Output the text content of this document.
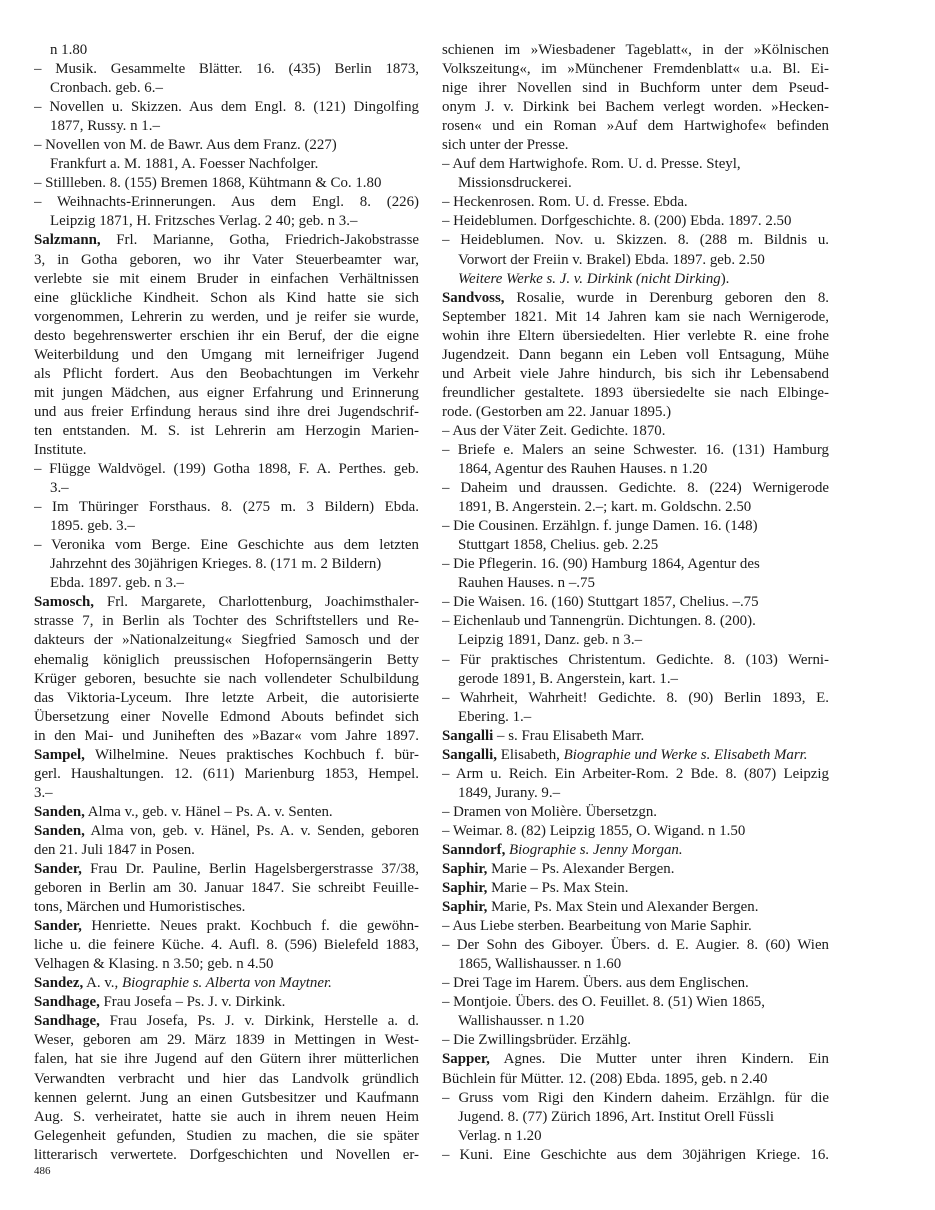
n 1.80
– Musik. Gesammelte Blätter. 16. (435) Berlin 1873,
Cronbach. geb. 6.–
– Novellen u. Skizzen. Aus dem Engl. 8. (121) Dingolfing
1877, Russy. n 1.–
– Novellen von M. de Bawr. Aus dem Franz. (227)
Frankfurt a. M. 1881, A. Foesser Nachfolger.
– Stillleben. 8. (155) Bremen 1868, Kühtmann & Co. 1.80
– Weihnachts-Erinnerungen. Aus dem Engl. 8. (226)
Leipzig 1871, H. Fritzsches Verlag. 2 40; geb. n 3.–
Salzmann, Frl. Marianne, Gotha, Friedrich-Jakobstrasse
3, in Gotha geboren, wo ihr Vater Steuerbeamter war,
verlebte sie mit einem Bruder in einfachen Verhältnissen
eine glückliche Kindheit. Schon als Kind hatte sie sich
vorgenommen, Lehrerin zu werden, und je reifer sie wurde,
desto begehrenswerter erschien ihr ein Beruf, der die eigne
Weiterbildung und den Umgang mit lerneifriger Jugend
als Pflicht fordert. Aus den Beobachtungen im Verkehr
mit jungen Mädchen, aus eigner Erfahrung und Erinnerung
und aus freier Erfindung heraus sind ihre drei Jugendschrif-
ten entstanden. M. S. ist Lehrerin am Herzogin Marien-
Institute.
– Flügge Waldvögel. (199) Gotha 1898, F. A. Perthes. geb.
3.–
– Im Thüringer Forsthaus. 8. (275 m. 3 Bildern) Ebda.
1895. geb. 3.–
– Veronika vom Berge. Eine Geschichte aus dem letzten
Jahrzehnt des 30jährigen Krieges. 8. (171 m. 2 Bildern)
Ebda. 1897. geb. n 3.–
Samosch, Frl. Margarete, Charlottenburg, Joachimsthaler-
strasse 7, in Berlin als Tochter des Schriftstellers und Re-
dakteurs der »Nationalzeitung« Siegfried Samosch und der
ehemalig königlich preussischen Hofopernsängerin Betty
Krüger geboren, besuchte sie nach vollendeter Schulbildung
das Viktoria-Lyceum. Ihre letzte Arbeit, die autorisierte
Übersetzung einer Novelle Edmond Abouts befindet sich
in den Mai- und Juniheften des »Bazar« vom Jahre 1897.
Sampel, Wilhelmine. Neues praktisches Kochbuch f. bür-
gerl. Haushaltungen. 12. (611) Marienburg 1853, Hempel.
3.–
Sanden, Alma v., geb. v. Hänel – Ps. A. v. Senten.
Sanden, Alma von, geb. v. Hänel, Ps. A. v. Senden, geboren
den 21. Juli 1847 in Posen.
Sander, Frau Dr. Pauline, Berlin Hagelsbergerstrasse 37/38,
geboren in Berlin am 30. Januar 1847. Sie schreibt Feuille-
tons, Märchen und Humoristisches.
Sander, Henriette. Neues prakt. Kochbuch f. die gewöhn-
liche u. die feinere Küche. 4. Aufl. 8. (596) Bielefeld 1883,
Velhagen & Klasing. n 3.50; geb. n 4.50
Sandez, A. v., Biographie s. Alberta von Maytner.
Sandhage, Frau Josefa – Ps. J. v. Dirkink.
Sandhage, Frau Josefa, Ps. J. v. Dirkink, Herstelle a. d.
Weser, geboren am 29. März 1839 in Mettingen in West-
falen, hat sie ihre Jugend auf den Gütern ihrer mütterlichen
Verwandten verbracht und hier das Landvolk gründlich
kennen gelernt. Jung an einen Gutsbesitzer und Kaufmann
Aug. S. verheiratet, hatte sie auch in ihrem neuen Heim
Gelegenheit gefunden, Studien zu machen, die sie später
litterarisch verwertete. Dorfgeschichten und Novellen er-
schienen im »Wiesbadener Tageblatt«, in der »Kölnischen
Volkszeitung«, im »Münchener Fremdenblatt« u.a. Bl. Ei-
nige ihrer Novellen sind in Buchform unter dem Pseud-
onym J. v. Dirkink bei Bachem verlegt worden. »Hecken-
rosen« und ein Roman »Auf dem Hartwighofe« befinden
sich unter der Presse.
– Auf dem Hartwighofe. Rom. U. d. Presse. Steyl,
Missionsdruckerei.
– Heckenrosen. Rom. U. d. Fresse. Ebda.
– Heideblumen. Dorfgeschichte. 8. (200) Ebda. 1897. 2.50
– Heideblumen. Nov. u. Skizzen. 8. (288 m. Bildnis u.
Vorwort der Freiin v. Brakel) Ebda. 1897. geb. 2.50
Weitere Werke s. J. v. Dirkink (nicht Dirking).
Sandvoss, Rosalie, wurde in Derenburg geboren den 8.
September 1821. Mit 14 Jahren kam sie nach Wernigerode,
wohin ihre Eltern übersiedelten. Hier verlebte R. eine frohe
Jugendzeit. Dann begann ein Leben voll Entsagung, Mühe
und Arbeit viele Jahre hindurch, bis sich ihr Lebensabend
freundlicher gestaltete. 1893 übersiedelte sie nach Elbinge-
rode. (Gestorben am 22. Januar 1895.)
– Aus der Väter Zeit. Gedichte. 1870.
– Briefe e. Malers an seine Schwester. 16. (131) Hamburg
1864, Agentur des Rauhen Hauses. n 1.20
– Daheim und draussen. Gedichte. 8. (224) Wernigerode
1891, B. Angerstein. 2.–; kart. m. Goldschn. 2.50
– Die Cousinen. Erzählgn. f. junge Damen. 16. (148)
Stuttgart 1858, Chelius. geb. 2.25
– Die Pflegerin. 16. (90) Hamburg 1864, Agentur des
Rauhen Hauses. n –.75
– Die Waisen. 16. (160) Stuttgart 1857, Chelius. –.75
– Eichenlaub und Tannengrün. Dichtungen. 8. (200).
Leipzig 1891, Danz. geb. n 3.–
– Für praktisches Christentum. Gedichte. 8. (103) Werni-
gerode 1891, B. Angerstein, kart. 1.–
– Wahrheit, Wahrheit! Gedichte. 8. (90) Berlin 1893, E.
Ebering. 1.–
Sangalli – s. Frau Elisabeth Marr.
Sangalli, Elisabeth, Biographie und Werke s. Elisabeth Marr.
– Arm u. Reich. Ein Arbeiter-Rom. 2 Bde. 8. (807) Leipzig
1849, Jurany. 9.–
– Dramen von Molière. Übersetzgn.
– Weimar. 8. (82) Leipzig 1855, O. Wigand. n 1.50
Sanndorf, Biographie s. Jenny Morgan.
Saphir, Marie – Ps. Alexander Bergen.
Saphir, Marie – Ps. Max Stein.
Saphir, Marie, Ps. Max Stein und Alexander Bergen.
– Aus Liebe sterben. Bearbeitung von Marie Saphir.
– Der Sohn des Giboyer. Übers. d. E. Augier. 8. (60) Wien
1865, Wallishausser. n 1.60
– Drei Tage im Harem. Übers. aus dem Englischen.
– Montjoie. Übers. des O. Feuillet. 8. (51) Wien 1865,
Wallishausser. n 1.20
– Die Zwillingsbrüder. Erzählg.
Sapper, Agnes. Die Mutter unter ihren Kindern. Ein
Büchlein für Mütter. 12. (208) Ebda. 1895, geb. n 2.40
– Gruss vom Rigi den Kindern daheim. Erzählgn. für die
Jugend. 8. (77) Zürich 1896, Art. Institut Orell Füssli
Verlag. n 1.20
– Kuni. Eine Geschichte aus dem 30jährigen Kriege. 16.
486
